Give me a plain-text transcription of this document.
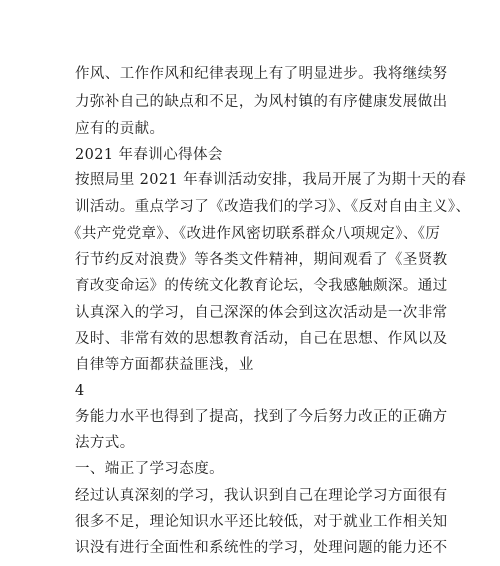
作风、工作作风和纪律表现上有了明显进步。我将继续努
力弥补自己的缺点和不足，为风村镇的有序健康发展做出
应有的贡献。
2021 年春训心得体会
按照局里 2021 年春训活动安排，我局开展了为期十天的春
训活动。重点学习了《改造我们的学习》、《反对自由主义》、
《共产党党章》、《改进作风密切联系群众八项规定》、《厉
行节约反对浪费》等各类文件精神，期间观看了《圣贤教
育改变命运》的传统文化教育论坛，令我感触颇深。通过
认真深入的学习，自己深深的体会到这次活动是一次非常
及时、非常有效的思想教育活动，自己在思想、作风以及
自律等方面都获益匪浅，业
4
务能力水平也得到了提高，找到了今后努力改正的正确方
法方式。
一、端正了学习态度。
经过认真深刻的学习，我认识到自己在理论学习方面很有
很多不足，理论知识水平还比较低，对于就业工作相关知
识没有进行全面性和系统性的学习，处理问题的能力还不
